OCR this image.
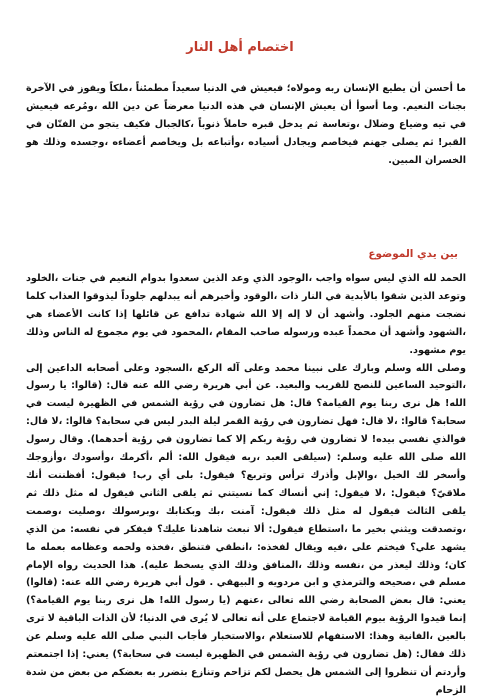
اختصام أهل النار
ما أحسن أن يطيع الإنسان ربه ومولاه؛ فيعيش في الدنيا سعيداً مطمئناً ،ملكاً ويفوز في الآخرة بجنات النعيم. وما أسوأ أن يعيش الإنسان في هذه الدنيا معرضاً عن دين الله ،ومُرعه فيعيش في تيه وضياع وضلال ،وتعاسة ثم يدخل قبره حاملاً ذنوباً ،كالجبال فكيف يتجو من الفتّان في القبر! ثم يصلى جهنم فيخاصم ويجادل أسياده ،وأتباعه بل ويخاصم أعضاءه ،وجسده وذلك هو الخسران المبين.
بين يدي الموضوع

الحمد لله الذي ليس سواه واجب ،الوجود الذي وعد الذين سعدوا بدوام النعيم في جنات ،الخلود وتوعد الذين شقوا بالأبدية في النار ذات ،الوقود وأخبرهم أنه يبدلهم جلوداً ليذوقوا العذاب كلما نضجت منهم الجلود. وأشهد أن لا إله إلا الله شهادة تدافع عن قائلها إذا كانت الأعضاء هي ،الشهود وأشهد أن محمداً عبده ورسوله صاحب المقام ،المحمود في يوم مجموع له الناس وذلك يوم مشهود.

وصلى الله وسلم وبارك على نبينا محمد وعلى آله الركع ،السجود وعلى أصحابه الداعين إلى ،التوحيد الساعين للنصح للقريب والبعيد. عن أبي هريرة رضي الله عنه قال: (قالوا: يا رسول الله! هل نرى ربنا يوم القيامة؟ قال: هل تضارون في رؤية الشمس في الظهيرة ليست في سحابة؟ قالوا: ،لا قال: فهل تضارون في رؤية القمر ليلة البدر ليس في سحابة؟ قالوا: ،لا قال: فوالذي نفسي بيده! لا تضارون في رؤية ربكم إلا كما تضارون في رؤية أحدهما). وقال رسول الله صلى الله عليه وسلم: (سيلقى العبد ،ربه فيقول الله: ألم ،أكرمك ،وأسودك ،وأزوجك وأسخر لك الخيل ،والإبل وأذرك ترأس وتربع؟ فيقول: بلى أي رب! فيقول: أفظننت أنك ملاقيّ؟ فيقول: ،لا فيقول: إني أنساك كما نسيتني ثم يلقى الثاني فيقول له مثل ذلك ثم يلقى الثالث فيقول له مثل ذلك فيقول: آمنت ،بك وبكتابك ،وبرسولك ،وصليت ،وصمت ،وتصدقت ويثني بخير ما ،استطاع فيقول: ألا نبعث شاهدنا عليك؟ فيفكر في نفسه: من الذي يشهد علي؟ فيختم على ،فيه ويقال لفخذه: ،انطقي فتنطق ،فخذه ولحمه وعظامه بعمله ما كان؛ وذلك ليعذر من ،نفسه وذلك ،المنافق وذلك الذي يسخط عليه). هذا الحديث رواه الإمام مسلم في ،صحيحه والترمذي و ابن مردويه و البيهقي . قول أبي هريرة رضي الله عنه: (قالوا) يعني: قال بعض الصحابة رضي الله تعالى ،عنهم (يا رسول الله! هل نرى ربنا يوم القيامة؟) إنما قيدوا الرؤية بيوم القيامة لاجتماع على أنه تعالى لا يُرى في الدنيا؛ لأن الذات الباقية لا ترى بالعين ،الفانية وهذا: الاستفهام للاستعلام ،والاستخبار فأجاب النبي صلى الله عليه وسلم عن ذلك فقال: (هل تضارون في رؤية الشمس في الظهيرة ليست في سحابة؟) يعني: إذا اجتمعتم وأردتم أن تنظروا إلى الشمس هل يحصل لكم تزاحم وتنازع بتضرر به بعضكم من بعض من شدة الزحام
